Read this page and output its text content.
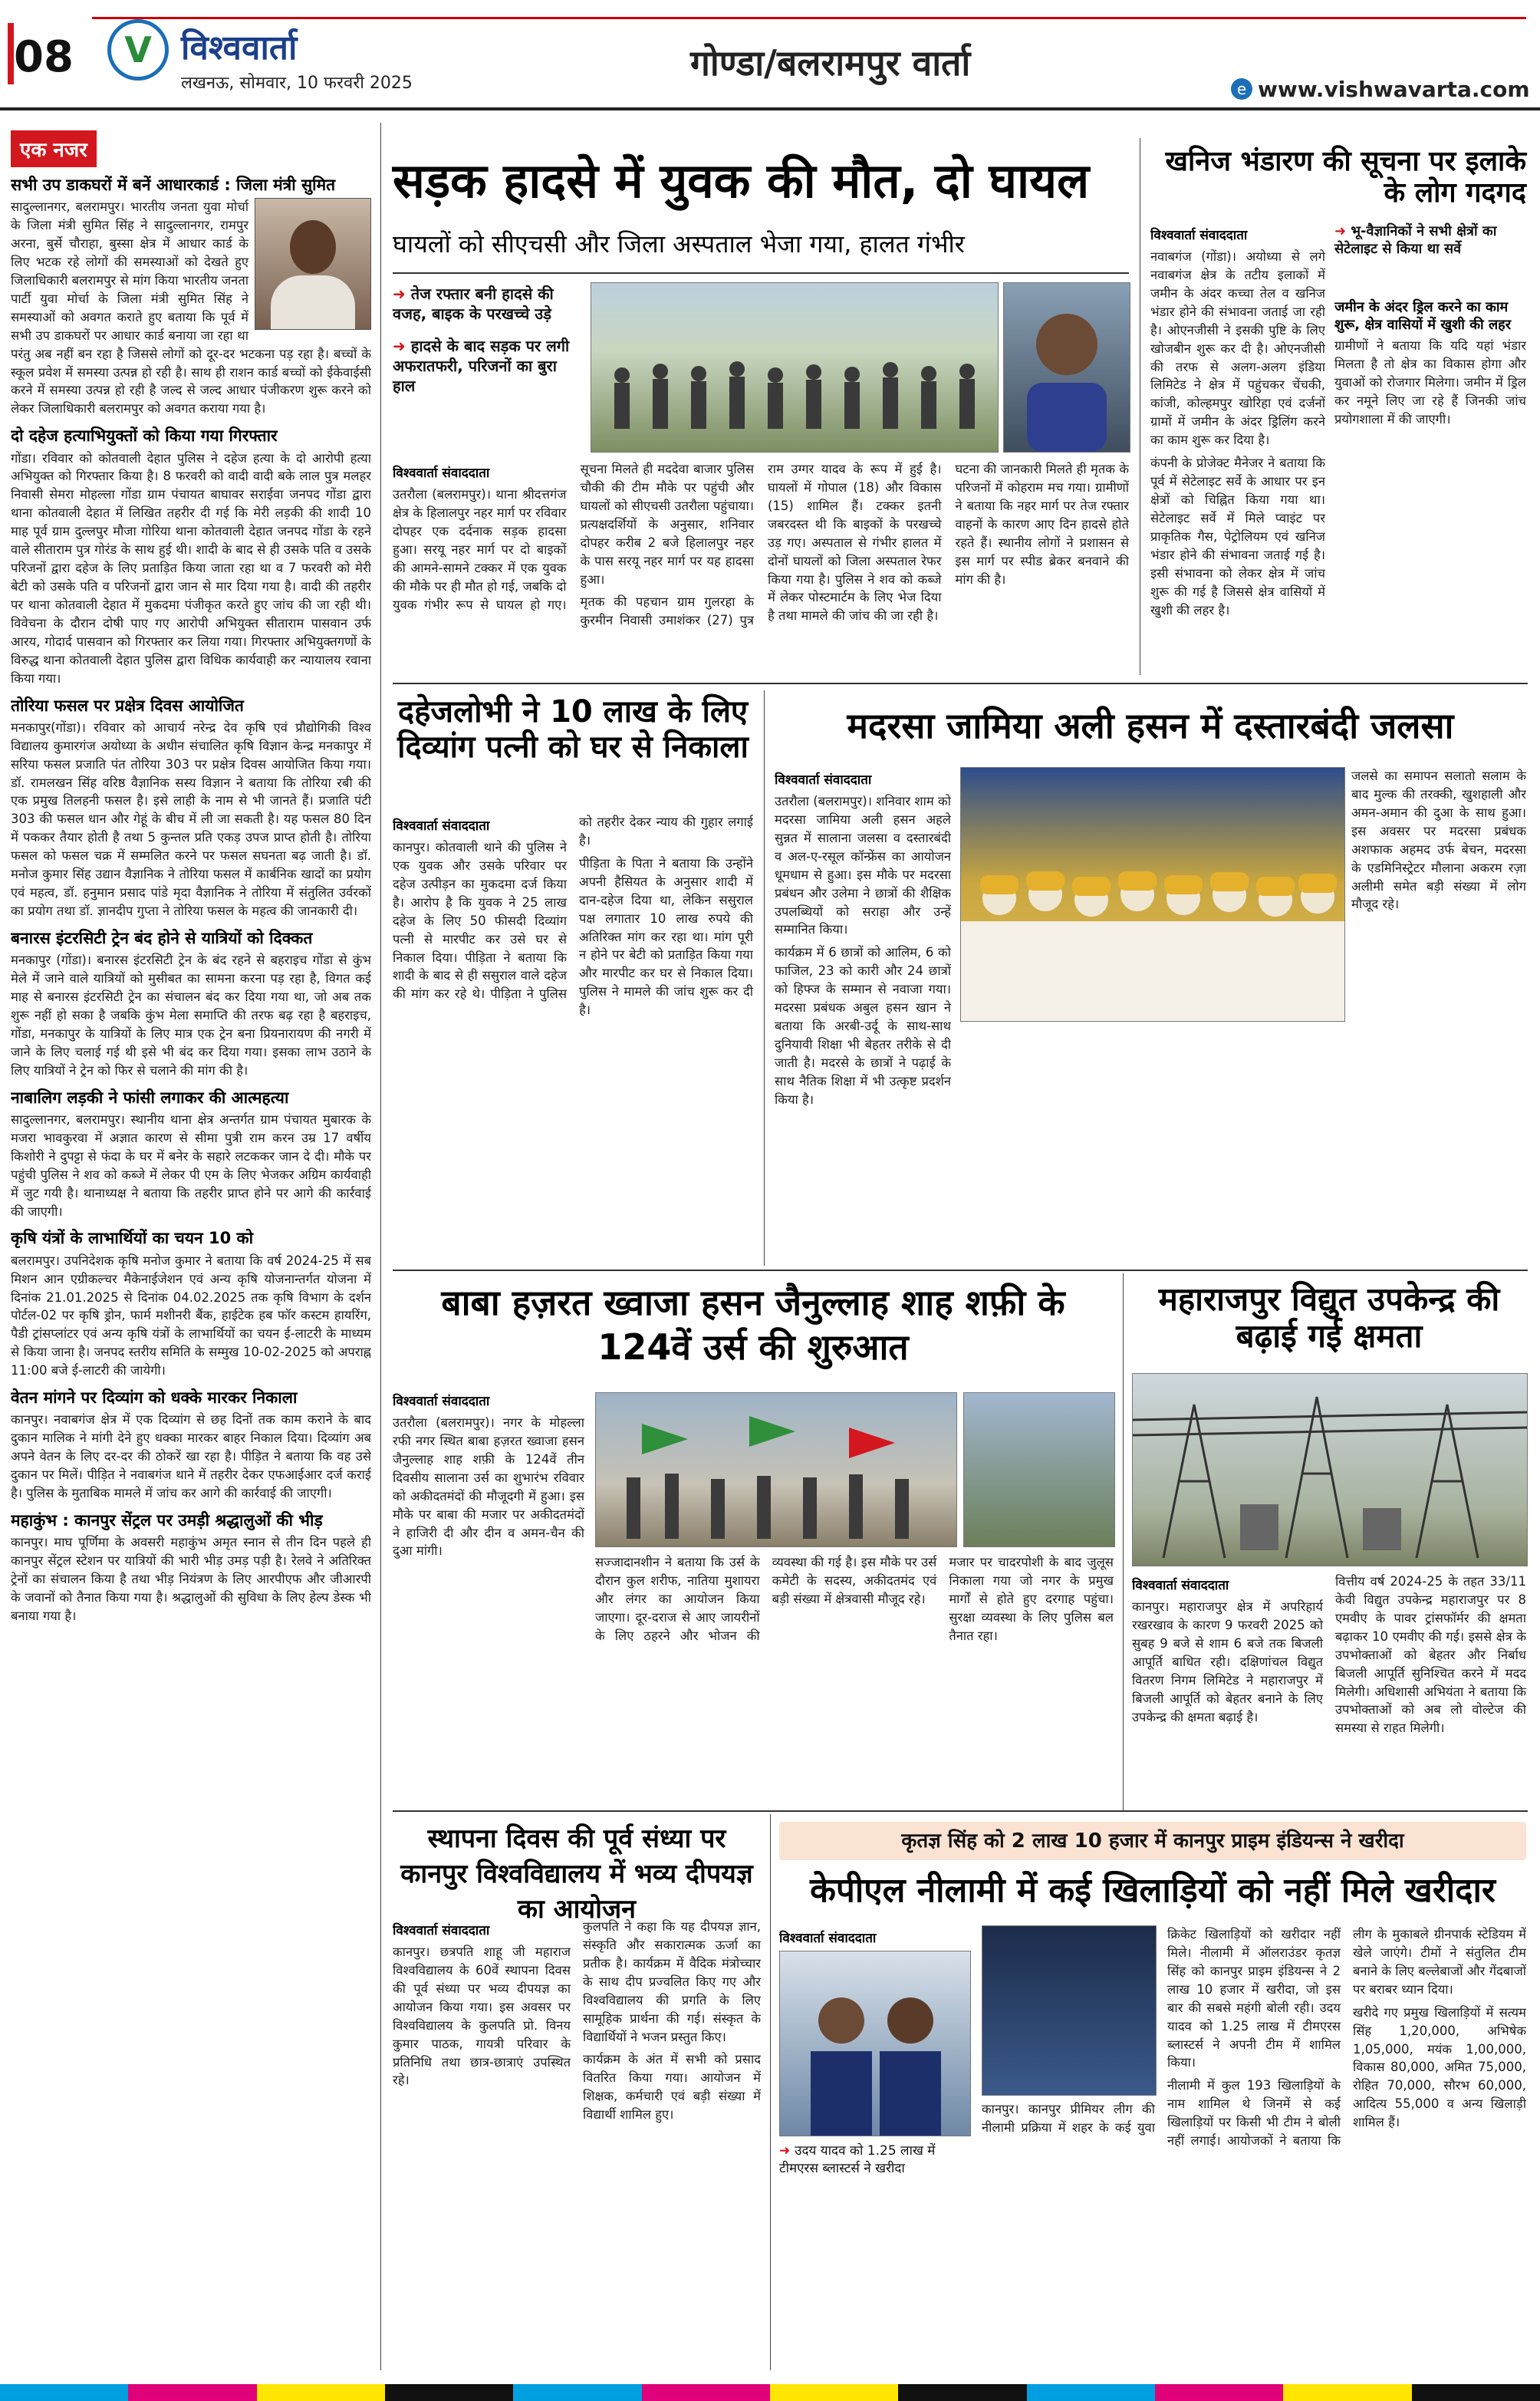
08	V विश्ववार्ता
लखनऊ, सोमवार, 10 फरवरी 2025	गोण्डा/बलरामपुर वार्ता
e www.vishwavarta.com
एक नजर
सभी उप डाकघरों में बनें आधारकार्ड : जिला मंत्री सुमित

सादुल्लानगर, बलरामपुर। भारतीय जनता युवा मोर्चा के जिला मंत्री सुमित सिंह ने सादुल्लानगर, रामपुर अरना, बुर्से चौराहा, बुस्सा क्षेत्र में आधार कार्ड के लिए भटक रहे लोगों की समस्याओं को देखते हुए जिलाधिकारी बलरामपुर से मांग किया भारतीय जनता पार्टी युवा मोर्चा के जिला मंत्री सुमित सिंह ने समस्याओं को अवगत कराते हुए बताया कि पूर्व में सभी उप डाकघरों पर आधार कार्ड बनाया जा रहा था परंतु अब नहीं बन रहा है जिससे लोगों को दूर-दर भटकना पड़ रहा है। बच्चों के स्कूल प्रवेश में समस्या उत्पन्न हो रही है। साथ ही राशन कार्ड बच्चों को ईकेवाईसी करने में समस्या उत्पन्न हो रही है जल्द से जल्द आधार पंजीकरण शुरू करने को लेकर जिलाधिकारी बलरामपुर को अवगत कराया गया है।

दो दहेज हत्याभियुक्तों को किया गया गिरफ्तार

गोंडा। रविवार को कोतवाली देहात पुलिस ने दहेज हत्या के दो आरोपी हत्या अभियुक्त को गिरफ्तार किया है। 8 फरवरी को वादी वादी बके लाल पुत्र मलहर निवासी सेमरा मोहल्ला गोंडा ग्राम पंचायत बाघावर सराईवा जनपद गोंडा द्वारा थाना कोतवाली देहात में लिखित तहरीर दी गई कि मेरी लड़की की शादी 10 माह पूर्व ग्राम दुल्लपुर मौजा गोरिया थाना कोतवाली देहात जनपद गोंडा के रहने वाले सीताराम पुत्र गोरंड के साथ हुई थी। शादी के बाद से ही उसके पति व उसके परिजनों द्वारा दहेज के लिए प्रताड़ित किया जाता रहा था व 7 फरवरी को मेरी बेटी को उसके पति व परिजनों द्वारा जान से मार दिया गया है। वादी की तहरीर पर थाना कोतवाली देहात में मुकदमा पंजीकृत करते हुए जांच की जा रही थी। विवेचना के दौरान दोषी पाए गए आरोपी अभियुक्त सीताराम पासवान उर्फ आरय, गोदार्द पासवान को गिरफ्तार कर लिया गया। गिरफ्तार अभियुक्तगणों के विरुद्ध थाना कोतवाली देहात पुलिस द्वारा विधिक कार्यवाही कर न्यायालय रवाना किया गया।

तोरिया फसल पर प्रक्षेत्र दिवस आयोजित

मनकापुर(गोंडा)। रविवार को आचार्य नरेन्द्र देव कृषि एवं प्रौद्योगिकी विश्व विद्यालय कुमारगंज अयोध्या के अधीन संचालित कृषि विज्ञान केन्द्र मनकापुर में सरिया फसल प्रजाति पंत तोरिया 303 पर प्रक्षेत्र दिवस आयोजित किया गया। डॉ. रामलखन सिंह वरिष्ठ वैज्ञानिक सस्य विज्ञान ने बताया कि तोरिया रबी की एक प्रमुख तिलहनी फसल है। इसे लाही के नाम से भी जानते हैं। प्रजाति पंटी 303 की फसल धान और गेहूं के बीच में ली जा सकती है। यह फसल 80 दिन में पककर तैयार होती है तथा 5 कुन्तल प्रति एकड़ उपज प्राप्त होती है। तोरिया फसल को फसल चक्र में सम्मलित करने पर फसल सघनता बढ़ जाती है। डॉ. मनोज कुमार सिंह उद्यान वैज्ञानिक ने तोरिया फसल में कार्बनिक खादों का प्रयोग एवं महत्व, डॉ. हनुमान प्रसाद पांडे मृदा वैज्ञानिक ने तोरिया में संतुलित उर्वरकों का प्रयोग तथा डॉ. ज्ञानदीप गुप्ता ने तोरिया फसल के महत्व की जानकारी दी।

बनारस इंटरसिटी ट्रेन बंद होने से यात्रियों को दिक्कत

मनकापुर (गोंडा)। बनारस इंटरसिटी ट्रेन के बंद रहने से बहराइच गोंडा से कुंभ मेले में जाने वाले यात्रियों को मुसीबत का सामना करना पड़ रहा है, विगत कई माह से बनारस इंटरसिटी ट्रेन का संचालन बंद कर दिया गया था, जो अब तक शुरू नहीं हो सका है जबकि कुंभ मेला समाप्ति की तरफ बढ़ रहा है बहराइच, गोंडा, मनकापुर के यात्रियों के लिए मात्र एक ट्रेन बना प्रियनारायण की नगरी में जाने के लिए चलाई गई थी इसे भी बंद कर दिया गया। इसका लाभ उठाने के लिए यात्रियों ने ट्रेन को फिर से चलाने की मांग की है।

नाबालिग लड़की ने फांसी लगाकर की आत्महत्या

सादुल्लानगर, बलरामपुर। स्थानीय थाना क्षेत्र अन्तर्गत ग्राम पंचायत मुबारक के मजरा भावकुरवा में अज्ञात कारण से सीमा पुत्री राम करन उम्र 17 वर्षीय किशोरी ने दुपट्टा से फंदा के घर में बनेर के सहारे लटककर जान दे दी। मौके पर पहुंची पुलिस ने शव को कब्जे में लेकर पी एम के लिए भेजकर अग्रिम कार्यवाही में जुट गयी है। थानाध्यक्ष ने बताया कि तहरीर प्राप्त होने पर आगे की कार्रवाई की जाएगी।

कृषि यंत्रों के लाभार्थियों का चयन 10 को

बलरामपुर। उपनिदेशक कृषि मनोज कुमार ने बताया कि वर्ष 2024-25 में सब मिशन आन एग्रीकल्चर मैकेनाईजेशन एवं अन्य कृषि योजनान्तर्गत योजना में दिनांक 21.01.2025 से दिनांक 04.02.2025 तक कृषि विभाग के दर्शन पोर्टल-02 पर कृषि ड्रोन, फार्म मशीनरी बैंक, हाईटेक हब फॉर कस्टम हायरिंग, पैडी ट्रांसप्लांटर एवं अन्य कृषि यंत्रों के लाभार्थियों का चयन ई-लाटरी के माध्यम से किया जाना है। जनपद स्तरीय समिति के सम्मुख 10-02-2025 को अपराह्न 11:00 बजे ई-लाटरी की जायेगी।

वेतन मांगने पर दिव्यांग को धक्के मारकर निकाला

कानपुर। नवाबगंज क्षेत्र में एक दिव्यांग से छह दिनों तक काम कराने के बाद दुकान मालिक ने मांगी देने हुए धक्का मारकर बाहर निकाल दिया। दिव्यांग अब अपने वेतन के लिए दर-दर की ठोकरें खा रहा है। पीड़ित ने बताया कि वह उसे दुकान पर मिलें। पीड़ित ने नवाबगंज थाने में तहरीर देकर एफआईआर दर्ज कराई है। पुलिस के मुताबिक मामले में जांच कर आगे की कार्रवाई की जाएगी।

महाकुंभ : कानपुर सेंट्रल पर उमड़ी श्रद्धालुओं की भीड़

कानपुर। माघ पूर्णिमा के अवसरी महाकुंभ अमृत स्नान से तीन दिन पहले ही कानपुर सेंट्रल स्टेशन पर यात्रियों की भारी भीड़ उमड़ पड़ी है। रेलवे ने अतिरिक्त ट्रेनों का संचालन किया है तथा भीड़ नियंत्रण के लिए आरपीएफ और जीआरपी के जवानों को तैनात किया गया है। श्रद्धालुओं की सुविधा के लिए हेल्प डेस्क भी बनाया गया है।

सड़क हादसे में युवक की मौत, दो घायल
घायलों को सीएचसी और जिला अस्पताल भेजा गया, हालत गंभीर
➜ तेज रफ्तार बनी हादसे की वजह, बाइक के परखच्चे उड़े
➜ हादसे के बाद सड़क पर लगी अफरातफरी, परिजनों का बुरा हाल
विश्ववार्ता संवाददाता

उतरौला (बलरामपुर)। थाना श्रीदत्तगंज क्षेत्र के हिलालपुर नहर मार्ग पर रविवार दोपहर एक दर्दनाक सड़क हादसा हुआ। सरयू नहर मार्ग पर दो बाइकों की आमने-सामने टक्कर में एक युवक की मौके पर ही मौत हो गई, जबकि दो युवक गंभीर रूप से घायल हो गए। सूचना मिलते ही मददेवा बाजार पुलिस चौकी की टीम मौके पर पहुंची और घायलों को सीएचसी उतरौला पहुंचाया। प्रत्यक्षदर्शियों के अनुसार, शनिवार दोपहर करीब 2 बजे हिलालपुर नहर के पास सरयू नहर मार्ग पर यह हादसा हुआ।

मृतक की पहचान ग्राम गुलरहा के कुरमीन निवासी उमाशंकर (27) पुत्र राम उग्गर यादव के रूप में हुई है। घायलों में गोपाल (18) और विकास (15) शामिल हैं। टक्कर इतनी जबरदस्त थी कि बाइकों के परखच्चे उड़ गए। अस्पताल से गंभीर हालत में दोनों घायलों को जिला अस्पताल रेफर किया गया है। पुलिस ने शव को कब्जे में लेकर पोस्टमार्टम के लिए भेज दिया है तथा मामले की जांच की जा रही है।

घटना की जानकारी मिलते ही मृतक के परिजनों में कोहराम मच गया। ग्रामीणों ने बताया कि नहर मार्ग पर तेज रफ्तार वाहनों के कारण आए दिन हादसे होते रहते हैं। स्थानीय लोगों ने प्रशासन से इस मार्ग पर स्पीड ब्रेकर बनवाने की मांग की है।

खनिज भंडारण की सूचना पर इलाके के लोग गदगद
➜ भू-वैज्ञानिकों ने सभी क्षेत्रों का सेटेलाइट से किया था सर्वे
विश्ववार्ता संवाददाता

नवाबगंज (गोंडा)। अयोध्या से लगे नवाबगंज क्षेत्र के तटीय इलाकों में जमीन के अंदर कच्चा तेल व खनिज भंडार होने की संभावना जताई जा रही है। ओएनजीसी ने इसकी पुष्टि के लिए खोजबीन शुरू कर दी है। ओएनजीसी की तरफ से अलग-अलग इंडिया लिमिटेड ने क्षेत्र में पहुंचकर चेंचकी, कांजी, कोल्हमपुर खोरिहा एवं दर्जनों ग्रामों में जमीन के अंदर ड्रिलिंग करने का काम शुरू कर दिया है।

कंपनी के प्रोजेक्ट मैनेजर ने बताया कि पूर्व में सेटेलाइट सर्वे के आधार पर इन क्षेत्रों को चिह्नित किया गया था। सेटेलाइट सर्वे में मिले प्वाइंट पर प्राकृतिक गैस, पेट्रोलियम एवं खनिज भंडार होने की संभावना जताई गई है। इसी संभावना को लेकर क्षेत्र में जांच शुरू की गई है जिससे क्षेत्र वासियों में खुशी की लहर है।

जमीन के अंदर ड्रिल करने का काम शुरू, क्षेत्र वासियों में खुशी की लहर

ग्रामीणों ने बताया कि यदि यहां भंडार मिलता है तो क्षेत्र का विकास होगा और युवाओं को रोजगार मिलेगा। जमीन में ड्रिल कर नमूने लिए जा रहे हैं जिनकी जांच प्रयोगशाला में की जाएगी।

दहेजलोभी ने 10 लाख के लिए दिव्यांग पत्नी को घर से निकाला
विश्ववार्ता संवाददाता

कानपुर। कोतवाली थाने की पुलिस ने एक युवक और उसके परिवार पर दहेज उत्पीड़न का मुकदमा दर्ज किया है। आरोप है कि युवक ने 25 लाख दहेज के लिए 50 फीसदी दिव्यांग पत्नी से मारपीट कर उसे घर से निकाल दिया। पीड़िता ने बताया कि शादी के बाद से ही ससुराल वाले दहेज की मांग कर रहे थे। पीड़िता ने पुलिस को तहरीर देकर न्याय की गुहार लगाई है।

पीड़िता के पिता ने बताया कि उन्होंने अपनी हैसियत के अनुसार शादी में दान-दहेज दिया था, लेकिन ससुराल पक्ष लगातार 10 लाख रुपये की अतिरिक्त मांग कर रहा था। मांग पूरी न होने पर बेटी को प्रताड़ित किया गया और मारपीट कर घर से निकाल दिया। पुलिस ने मामले की जांच शुरू कर दी है।

मदरसा जामिया अली हसन में दस्तारबंदी जलसा
विश्ववार्ता संवाददाता

उतरौला (बलरामपुर)। शनिवार शाम को मदरसा जामिया अली हसन अहले सुन्नत में सालाना जलसा व दस्तारबंदी व अल-ए-रसूल कॉन्फ्रेंस का आयोजन धूमधाम से हुआ। इस मौके पर मदरसा प्रबंधन और उलेमा ने छात्रों की शैक्षिक उपलब्धियों को सराहा और उन्हें सम्मानित किया।

कार्यक्रम में 6 छात्रों को आलिम, 6 को फाजिल, 23 को कारी और 24 छात्रों को हिफ्ज के सम्मान से नवाजा गया। मदरसा प्रबंधक अबुल हसन खान ने बताया कि अरबी-उर्दू के साथ-साथ दुनियावी शिक्षा भी बेहतर तरीके से दी जाती है। मदरसे के छात्रों ने पढ़ाई के साथ नैतिक शिक्षा में भी उत्कृष्ट प्रदर्शन किया है।

जलसे का समापन सलातो सलाम के बाद मुल्क की तरक्की, खुशहाली और अमन-अमान की दुआ के साथ हुआ। इस अवसर पर मदरसा प्रबंधक अशफाक अहमद उर्फ बेचन, मदरसा के एडमिनिस्ट्रेटर मौलाना अकरम रज़ा अलीमी समेत बड़ी संख्या में लोग मौजूद रहे।

बाबा हज़रत ख्वाजा हसन जैनुल्लाह शाह शफ़ी के 124वें उर्स की शुरुआत
विश्ववार्ता संवाददाता

उतरौला (बलरामपुर)। नगर के मोहल्ला रफी नगर स्थित बाबा हज़रत ख्वाजा हसन जैनुल्लाह शाह शफ़ी के 124वें तीन दिवसीय सालाना उर्स का शुभारंभ रविवार को अकीदतमंदों की मौजूदगी में हुआ। इस मौके पर बाबा की मजार पर अकीदतमंदों ने हाजिरी दी और दीन व अमन-चैन की दुआ मांगी।

सज्जादानशीन ने बताया कि उर्स के दौरान कुल शरीफ, नातिया मुशायरा और लंगर का आयोजन किया जाएगा। दूर-दराज से आए जायरीनों के लिए ठहरने और भोजन की व्यवस्था की गई है। इस मौके पर उर्स कमेटी के सदस्य, अकीदतमंद एवं बड़ी संख्या में क्षेत्रवासी मौजूद रहे।

मजार पर चादरपोशी के बाद जुलूस निकाला गया जो नगर के प्रमुख मार्गों से होते हुए दरगाह पहुंचा। सुरक्षा व्यवस्था के लिए पुलिस बल तैनात रहा।

महाराजपुर विद्युत उपकेन्द्र की बढ़ाई गई क्षमता
विश्ववार्ता संवाददाता

कानपुर। महाराजपुर क्षेत्र में अपरिहार्य रखरखाव के कारण 9 फरवरी 2025 को सुबह 9 बजे से शाम 6 बजे तक बिजली आपूर्ति बाधित रही। दक्षिणांचल विद्युत वितरण निगम लिमिटेड ने महाराजपुर में बिजली आपूर्ति को बेहतर बनाने के लिए उपकेन्द्र की क्षमता बढ़ाई है।

वित्तीय वर्ष 2024-25 के तहत 33/11 केवी विद्युत उपकेन्द्र महाराजपुर पर 8 एमवीए के पावर ट्रांसफॉर्मर की क्षमता बढ़ाकर 10 एमवीए की गई। इससे क्षेत्र के उपभोक्ताओं को बेहतर और निर्बाध बिजली आपूर्ति सुनिश्चित करने में मदद मिलेगी। अधिशासी अभियंता ने बताया कि उपभोक्ताओं को अब लो वोल्टेज की समस्या से राहत मिलेगी।

स्थापना दिवस की पूर्व संध्या पर कानपुर विश्वविद्यालय में भव्य दीपयज्ञ का आयोजन
विश्ववार्ता संवाददाता

कानपुर। छत्रपति शाहू जी महाराज विश्वविद्यालय के 60वें स्थापना दिवस की पूर्व संध्या पर भव्य दीपयज्ञ का आयोजन किया गया। इस अवसर पर विश्वविद्यालय के कुलपति प्रो. विनय कुमार पाठक, गायत्री परिवार के प्रतिनिधि तथा छात्र-छात्राएं उपस्थित रहे।

कुलपति ने कहा कि यह दीपयज्ञ ज्ञान, संस्कृति और सकारात्मक ऊर्जा का प्रतीक है। कार्यक्रम में वैदिक मंत्रोच्चार के साथ दीप प्रज्वलित किए गए और विश्वविद्यालय की प्रगति के लिए सामूहिक प्रार्थना की गई। संस्कृत के विद्यार्थियों ने भजन प्रस्तुत किए।

कार्यक्रम के अंत में सभी को प्रसाद वितरित किया गया। आयोजन में शिक्षक, कर्मचारी एवं बड़ी संख्या में विद्यार्थी शामिल हुए।

कृतज्ञ सिंह को 2 लाख 10 हजार में कानपुर प्राइम इंडियन्स ने खरीदा
केपीएल नीलामी में कई खिलाड़ियों को नहीं मिले खरीदार
विश्ववार्ता संवाददाता
➜ उदय यादव को 1.25 लाख में टीमएरस ब्लास्टर्स ने खरीदा

कानपुर। कानपुर प्रीमियर लीग की नीलामी प्रक्रिया में शहर के कई युवा क्रिकेट खिलाड़ियों को खरीदार नहीं मिले। नीलामी में ऑलराउंडर कृतज्ञ सिंह को कानपुर प्राइम इंडियन्स ने 2 लाख 10 हजार में खरीदा, जो इस बार की सबसे महंगी बोली रही। उदय यादव को 1.25 लाख में टीमएरस ब्लास्टर्स ने अपनी टीम में शामिल किया।

नीलामी में कुल 193 खिलाड़ियों के नाम शामिल थे जिनमें से कई खिलाड़ियों पर किसी भी टीम ने बोली नहीं लगाई। आयोजकों ने बताया कि लीग के मुकाबले ग्रीनपार्क स्टेडियम में खेले जाएंगे। टीमों ने संतुलित टीम बनाने के लिए बल्लेबाजों और गेंदबाजों पर बराबर ध्यान दिया।

खरीदे गए प्रमुख खिलाड़ियों में सत्यम सिंह 1,20,000, अभिषेक 1,05,000, मयंक 1,00,000, विकास 80,000, अमित 75,000, रोहित 70,000, सौरभ 60,000, आदित्य 55,000 व अन्य खिलाड़ी शामिल हैं।
